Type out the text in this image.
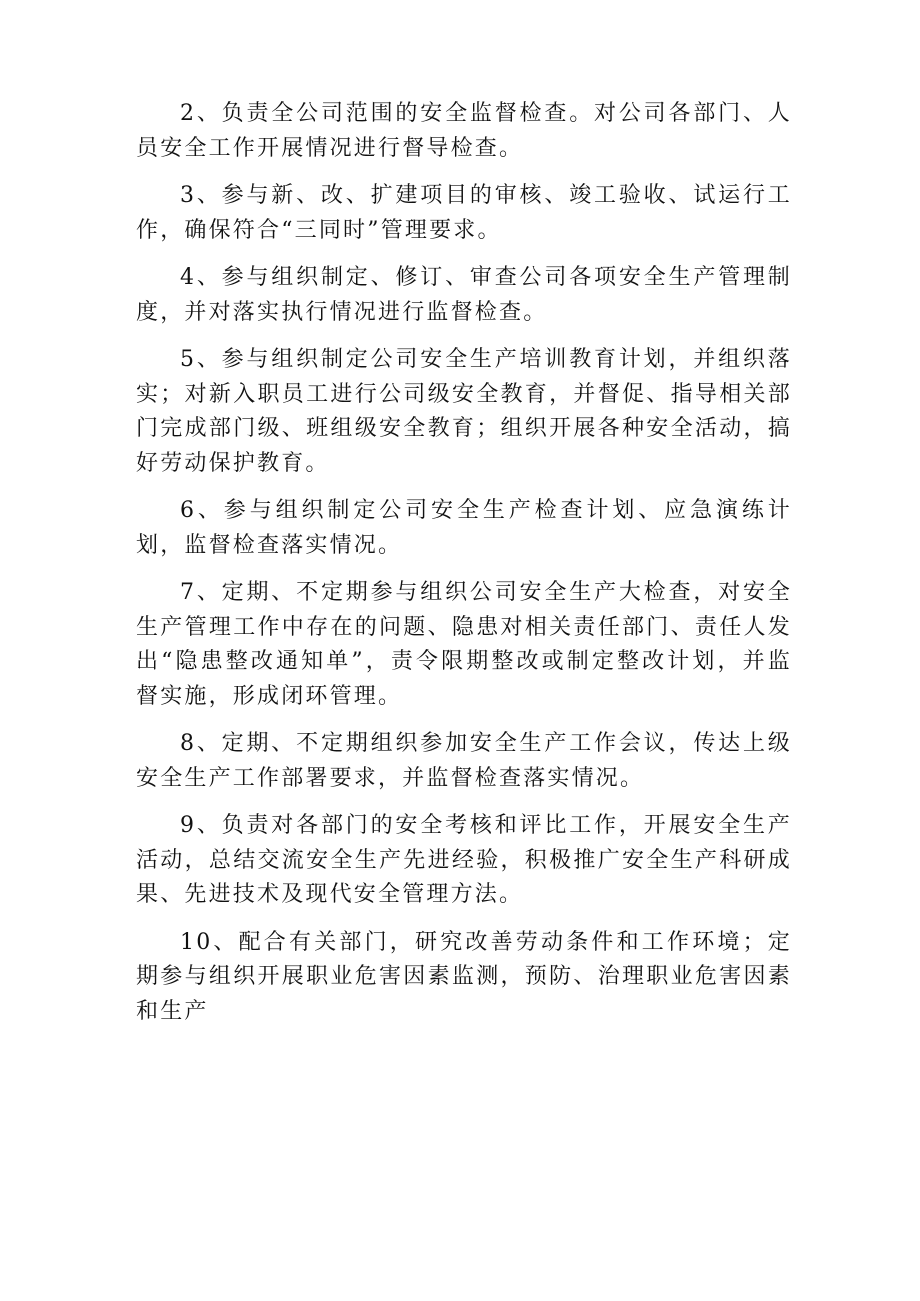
2、负责全公司范围的安全监督检查。对公司各部门、人员安全工作开展情况进行督导检查。

3、参与新、改、扩建项目的审核、竣工验收、试运行工作，确保符合“三同时”管理要求。

4、参与组织制定、修订、审查公司各项安全生产管理制度，并对落实执行情况进行监督检查。

5、参与组织制定公司安全生产培训教育计划，并组织落实；对新入职员工进行公司级安全教育，并督促、指导相关部门完成部门级、班组级安全教育；组织开展各种安全活动，搞好劳动保护教育。

6、参与组织制定公司安全生产检查计划、应急演练计划，监督检查落实情况。

7、定期、不定期参与组织公司安全生产大检查，对安全生产管理工作中存在的问题、隐患对相关责任部门、责任人发出“隐患整改通知单”，责令限期整改或制定整改计划，并监督实施，形成闭环管理。

8、定期、不定期组织参加安全生产工作会议，传达上级安全生产工作部署要求，并监督检查落实情况。

9、负责对各部门的安全考核和评比工作，开展安全生产活动，总结交流安全生产先进经验，积极推广安全生产科研成果、先进技术及现代安全管理方法。

10、配合有关部门，研究改善劳动条件和工作环境；定期参与组织开展职业危害因素监测，预防、治理职业危害因素和生产
